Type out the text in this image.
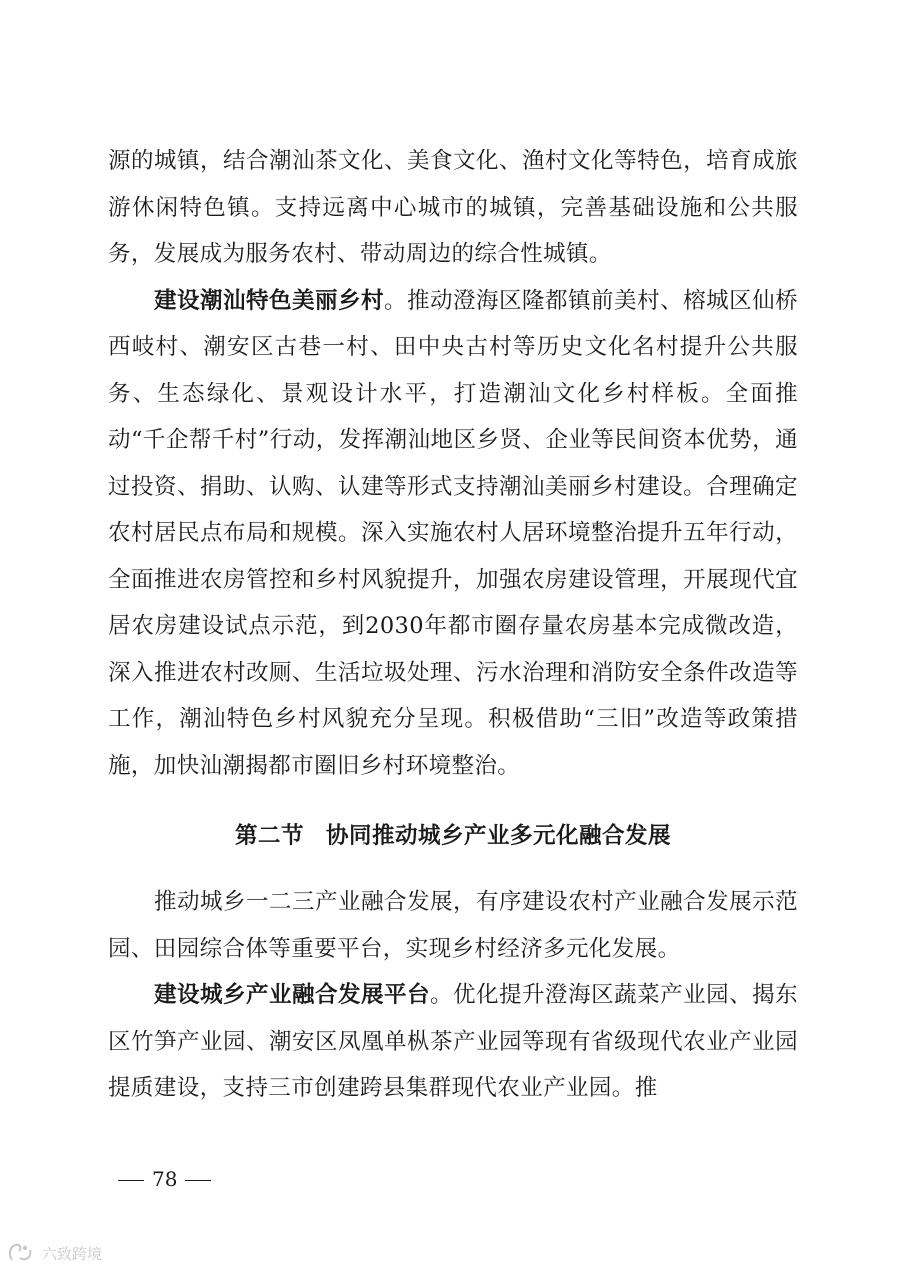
源的城镇，结合潮汕茶文化、美食文化、渔村文化等特色，培育成旅游休闲特色镇。支持远离中心城市的城镇，完善基础设施和公共服务，发展成为服务农村、带动周边的综合性城镇。

建设潮汕特色美丽乡村。推动澄海区隆都镇前美村、榕城区仙桥西岐村、潮安区古巷一村、田中央古村等历史文化名村提升公共服务、生态绿化、景观设计水平，打造潮汕文化乡村样板。全面推动“千企帮千村”行动，发挥潮汕地区乡贤、企业等民间资本优势，通过投资、捐助、认购、认建等形式支持潮汕美丽乡村建设。合理确定农村居民点布局和规模。深入实施农村人居环境整治提升五年行动，全面推进农房管控和乡村风貌提升，加强农房建设管理，开展现代宜居农房建设试点示范，到2030年都市圈存量农房基本完成微改造，深入推进农村改厕、生活垃圾处理、污水治理和消防安全条件改造等工作，潮汕特色乡村风貌充分呈现。积极借助“三旧”改造等政策措施，加快汕潮揭都市圈旧乡村环境整治。

第二节 协同推动城乡产业多元化融合发展

推动城乡一二三产业融合发展，有序建设农村产业融合发展示范园、田园综合体等重要平台，实现乡村经济多元化发展。

建设城乡产业融合发展平台。优化提升澄海区蔬菜产业园、揭东区竹笋产业园、潮安区凤凰单枞茶产业园等现有省级现代农业产业园提质建设，支持三市创建跨县集群现代农业产业园。推

78
六致跨境
